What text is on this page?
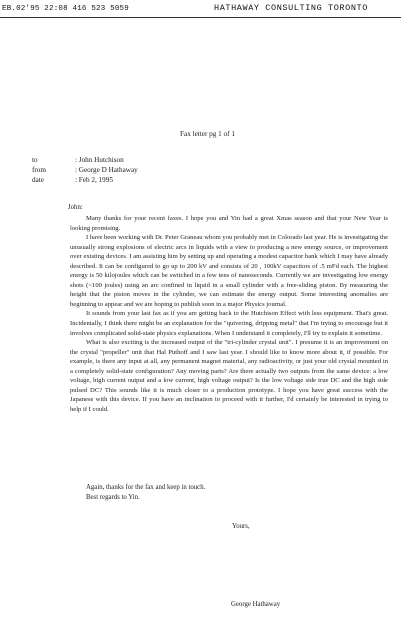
EB.02'95 22:08 416 523 5059	HATHAWAY CONSULTING TORONTO
Fax letter pg 1 of 1
to	: John Hutchison
from	: George D Hathaway
date	: Feb 2, 1995
John:

Many thanks for your recent faxes. I hope you and Yin had a great Xmas season and that your New Year is looking promising.

I have been working with Dr. Peter Graneau whom you probably met in Colorado last year. He is investigating the unusually strong explosions of electric arcs in liquids with a view to producing a new energy source, or improvement over existing devices. I am assisting him by setting up and operating a modest capacitor bank which I may have already described. It can be configured to go up to 200 kV and consists of 20 , 100kV capacitors of .5 mFd each. The highest energy is 50 kilojoules which can be switched in a few tens of nanoseconds. Currently we are investigating low energy shots (<100 joules) using an arc confined in liquid in a small cylinder with a free-sliding piston. By measuring the height that the piston moves in the cylinder, we can estimate the energy output. Some interesting anomalies are beginning to appear and we are hoping to publish soon in a major Physics journal.

It sounds from your last fax as if you are getting back to the Hutchison Effect with less equipment. That's great. Incidentally, I think there might be an explanation for the "quivering, dripping metal" that I'm trying to encourage but it involves complicated solid-state physics explanations. When I understand it completely, I'll try to explain it sometime.

What is also exciting is the increased output of the "tri-cylinder crystal unit". I presume it is an improvement on the crystal "propeller" unit that Hal Puthoff and I saw last year. I should like to know more about it, if possible. For example, is there any input at all, any permanent magnet material, any radioactivity, or just your old crystal mounted in a completely solid-state configuration? Any moving parts? Are there actually two outputs from the same device: a low voltage, high current output and a low current, high voltage output? Is the low voltage side true DC and the high side pulsed DC? This sounds like it is much closer to a production prototype. I hope you have great success with the Japanese with this device. If you have an inclination to proceed with it further, I'd certainly be interested in trying to help if I could.

Again, thanks for the fax and keep in touch.
Best regards to Yin.
Yours,
George Hathaway
